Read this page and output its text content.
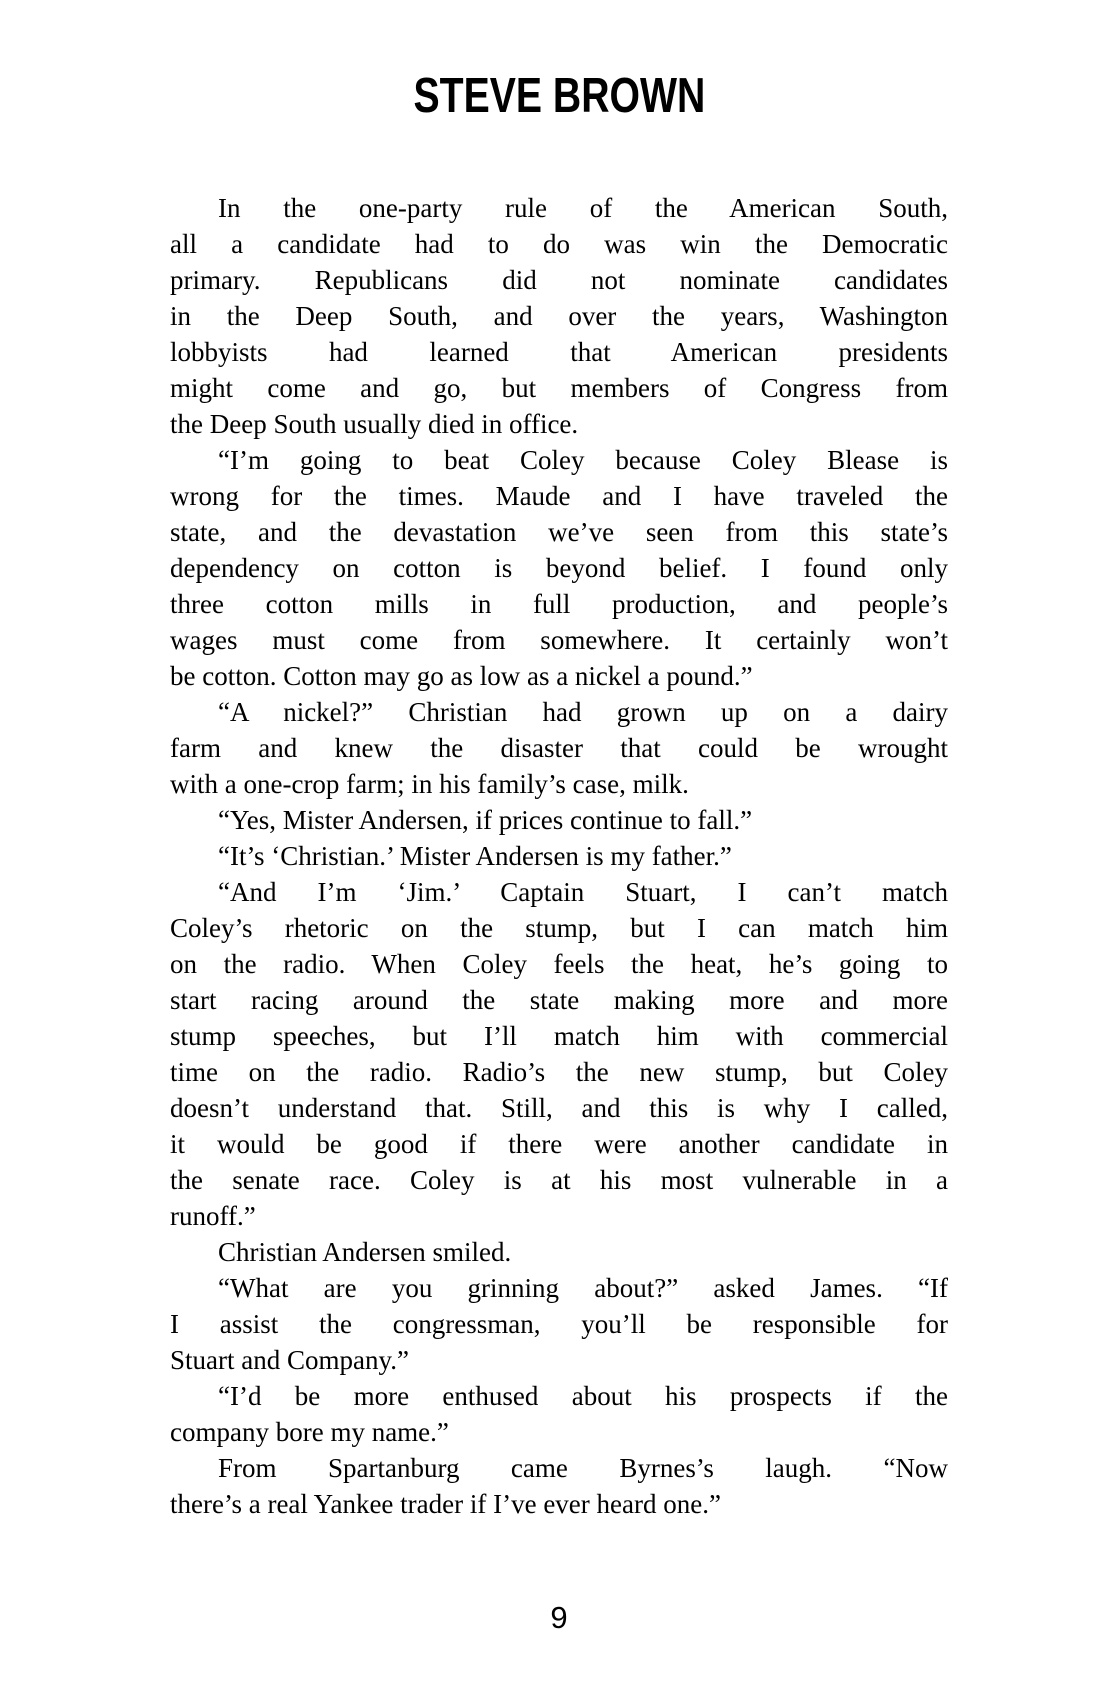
STEVE BROWN
In the one-party rule of the American South,
all a candidate had to do was win the Democratic
primary. Republicans did not nominate candidates
in the Deep South, and over the years, Washington
lobbyists had learned that American presidents
might come and go, but members of Congress from
the Deep South usually died in office.
“I’m going to beat Coley because Coley Blease is
wrong for the times. Maude and I have traveled the
state, and the devastation we’ve seen from this state’s
dependency on cotton is beyond belief. I found only
three cotton mills in full production, and people’s
wages must come from somewhere. It certainly won’t
be cotton. Cotton may go as low as a nickel a pound.”
“A nickel?” Christian had grown up on a dairy
farm and knew the disaster that could be wrought
with a one-crop farm; in his family’s case, milk.
“Yes, Mister Andersen, if prices continue to fall.”
“It’s ‘Christian.’ Mister Andersen is my father.”
“And I’m ‘Jim.’ Captain Stuart, I can’t match
Coley’s rhetoric on the stump, but I can match him
on the radio. When Coley feels the heat, he’s going to
start racing around the state making more and more
stump speeches, but I’ll match him with commercial
time on the radio. Radio’s the new stump, but Coley
doesn’t understand that. Still, and this is why I called,
it would be good if there were another candidate in
the senate race. Coley is at his most vulnerable in a
runoff.”
Christian Andersen smiled.
“What are you grinning about?” asked James. “If
I assist the congressman, you’ll be responsible for
Stuart and Company.”
“I’d be more enthused about his prospects if the
company bore my name.”
From Spartanburg came Byrnes’s laugh. “Now
there’s a real Yankee trader if I’ve ever heard one.”
9
